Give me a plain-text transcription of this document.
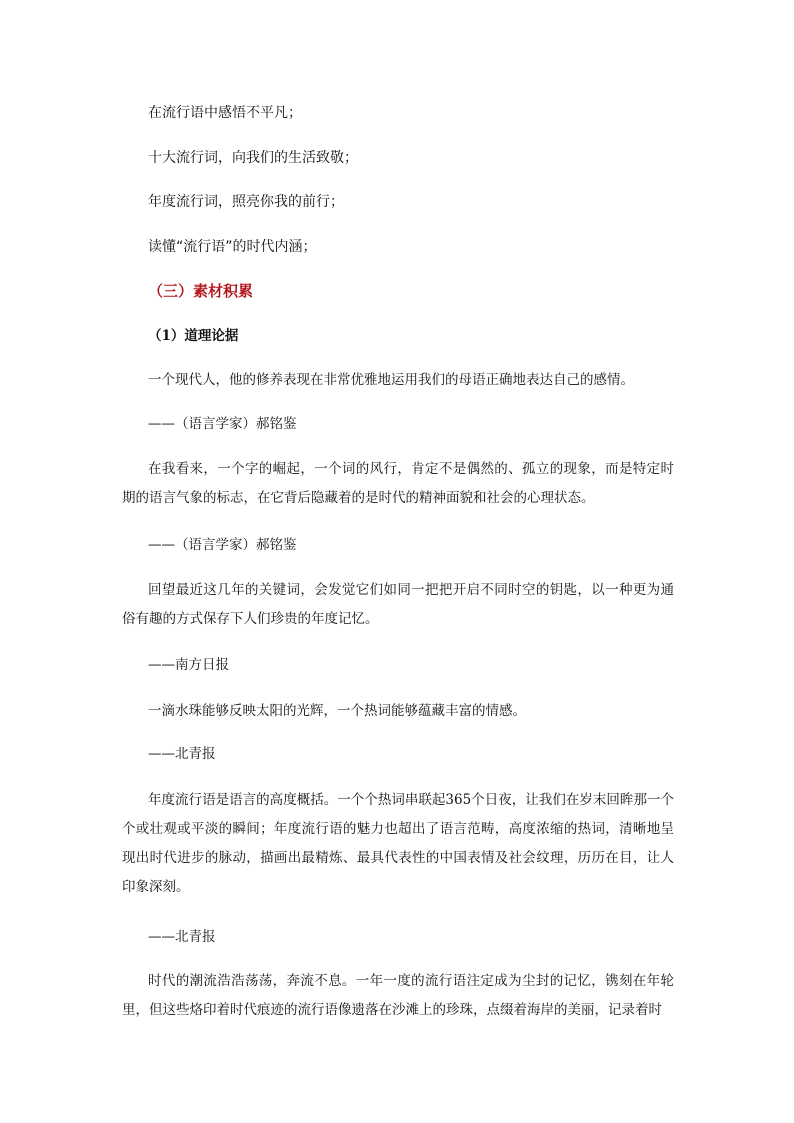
在流行语中感悟不平凡；
十大流行词，向我们的生活致敬；
年度流行词，照亮你我的前行；
读懂“流行语”的时代内涵；
（三）素材积累
（1）道理论据
一个现代人，他的修养表现在非常优雅地运用我们的母语正确地表达自己的感情。
——（语言学家）郝铭鉴
在我看来，一个字的崛起，一个词的风行，肯定不是偶然的、孤立的现象，而是特定时期的语言气象的标志，在它背后隐藏着的是时代的精神面貌和社会的心理状态。
——（语言学家）郝铭鉴
回望最近这几年的关键词，会发觉它们如同一把把开启不同时空的钥匙，以一种更为通俗有趣的方式保存下人们珍贵的年度记忆。
——南方日报
一滴水珠能够反映太阳的光辉，一个热词能够蕴藏丰富的情感。
——北青报
年度流行语是语言的高度概括。一个个热词串联起365个日夜，让我们在岁末回眸那一个个或壮观或平淡的瞬间；年度流行语的魅力也超出了语言范畴，高度浓缩的热词，清晰地呈现出时代进步的脉动，描画出最精炼、最具代表性的中国表情及社会纹理，历历在目，让人印象深刻。
——北青报
时代的潮流浩浩荡荡，奔流不息。一年一度的流行语注定成为尘封的记忆，镌刻在年轮里，但这些烙印着时代痕迹的流行语像遗落在沙滩上的珍珠，点缀着海岸的美丽，记录着时
